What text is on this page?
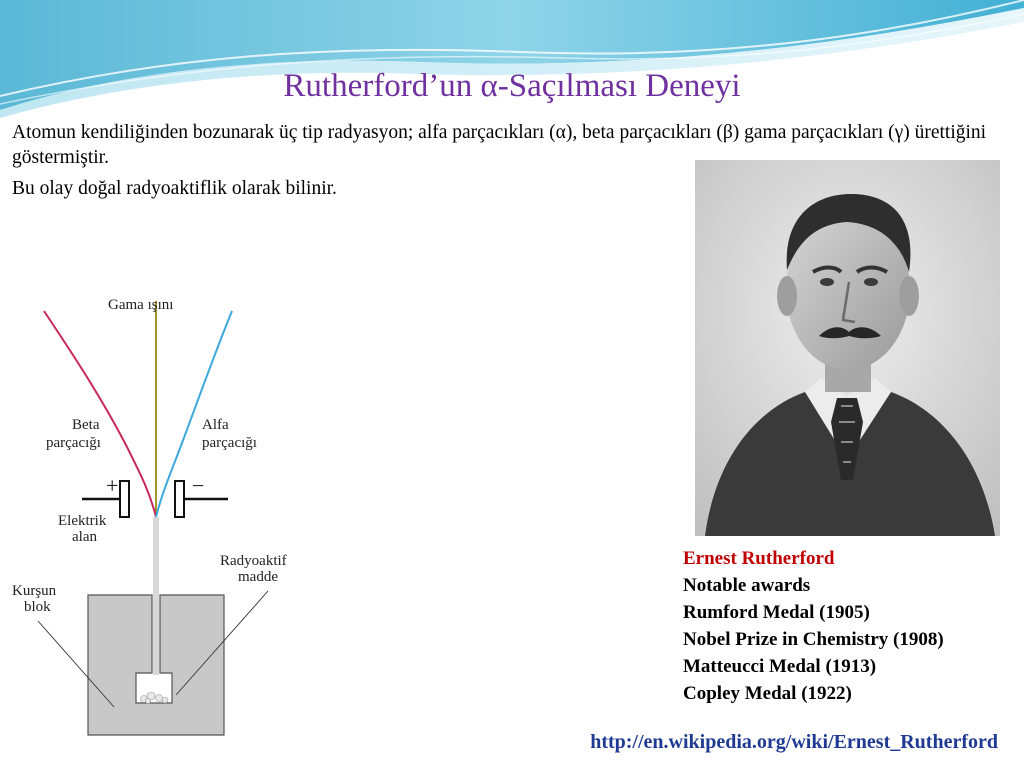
Rutherford’un α-Saçılması Deneyi

Atomun kendiliğinden bozunarak üç tip radyasyon; alfa parçacıkları (α), beta parçacıkları (β) gama parçacıkları (γ) ürettiğini göstermiştir.

Bu olay doğal radyoaktiflik olarak bilinir.

Gama ışını
Beta
parçacığı
Alfa
parçacığı
+	−
Elektrik
alan
Radyoaktif
madde
Kurşun
blok
Ernest Rutherford
Notable awards
Rumford Medal (1905)
Nobel Prize in Chemistry (1908)
Matteucci Medal (1913)
Copley Medal (1922)
http://en.wikipedia.org/wiki/Ernest_Rutherford
